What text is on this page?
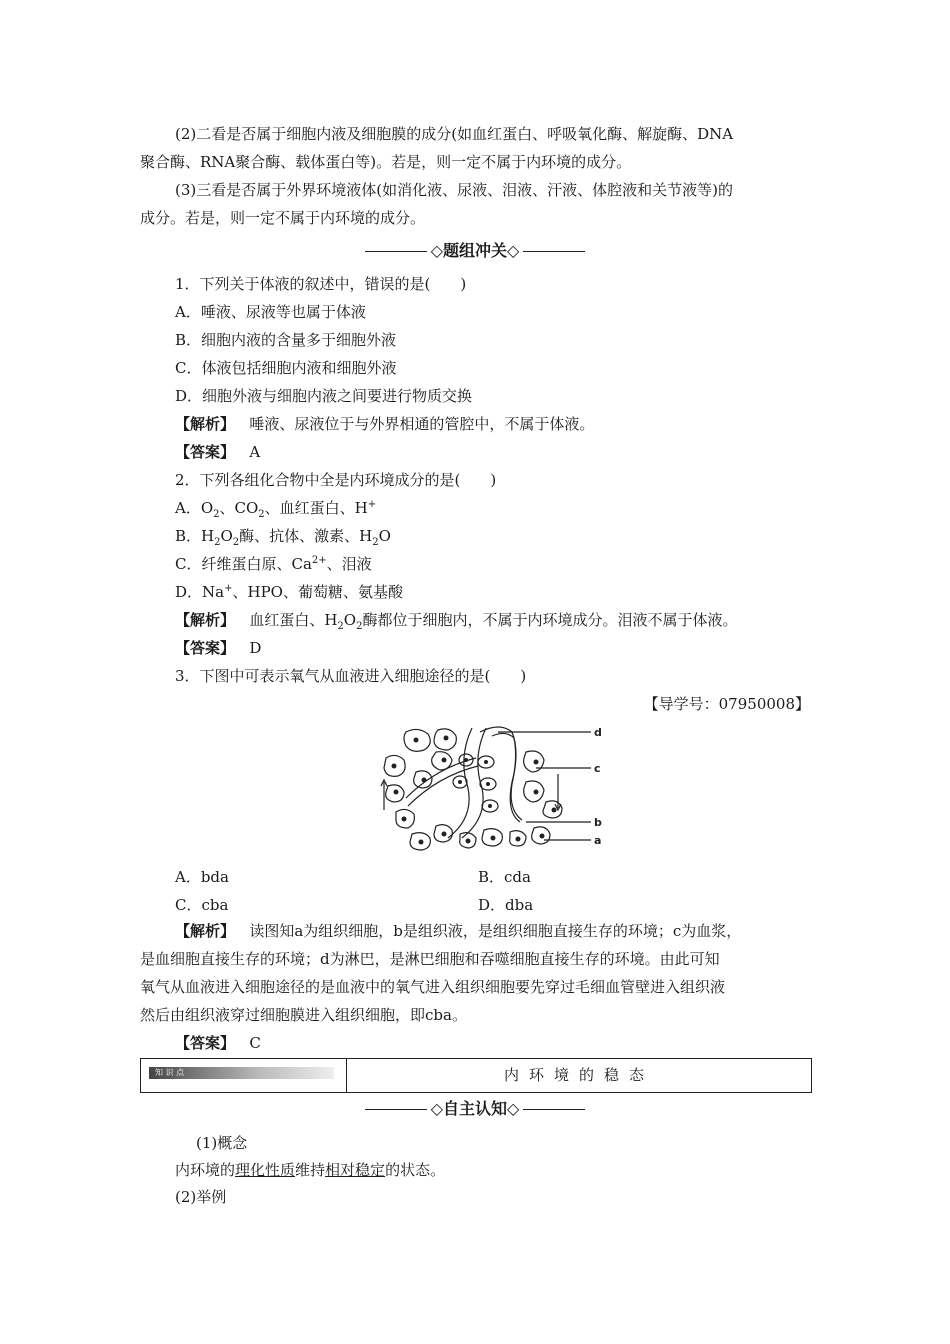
(2)二看是否属于细胞内液及细胞膜的成分(如血红蛋白、呼吸氧化酶、解旋酶、DNA
聚合酶、RNA聚合酶、载体蛋白等)。若是，则一定不属于内环境的成分。
(3)三看是否属于外界环境液体(如消化液、尿液、泪液、汗液、体腔液和关节液等)的
成分。若是，则一定不属于内环境的成分。
◇题组冲关◇
1．下列关于体液的叙述中，错误的是(　　)
A．唾液、尿液等也属于体液
B．细胞内液的含量多于细胞外液
C．体液包括细胞内液和细胞外液
D．细胞外液与细胞内液之间要进行物质交换
【解析】 唾液、尿液位于与外界相通的管腔中，不属于体液。
【答案】 A
2．下列各组化合物中全是内环境成分的是(　　)
A．$O_2$、$CO_2$、血红蛋白、H+
B．$H_2O_2$酶、抗体、激素、$H_2O$
C．纤维蛋白原、$Ca^{2+}$、泪液
D．Na+、HPO、葡萄糖、氨基酸
【解析】 血红蛋白、$H_2O_2$酶都位于细胞内，不属于内环境成分。泪液不属于体液。
【答案】 D
3．下图中可表示氧气从血液进入细胞途径的是(　　)
【导学号：07950008】
d
c
b
a
A．bda	B．cda
C．cba	D．dba
【解析】 读图知a为组织细胞，b是组织液，是组织细胞直接生存的环境；c为血浆，
是血细胞直接生存的环境；d为淋巴，是淋巴细胞和吞噬细胞直接生存的环境。由此可知
氧气从血液进入细胞途径的是血液中的氧气进入组织细胞要先穿过毛细血管壁进入组织液
然后由组织液穿过细胞膜进入组织细胞，即cba。
【答案】 C
知 识 点	内环境的稳态
◇自主认知◇
(1)概念
内环境的理化性质维持相对稳定的状态。
(2)举例
